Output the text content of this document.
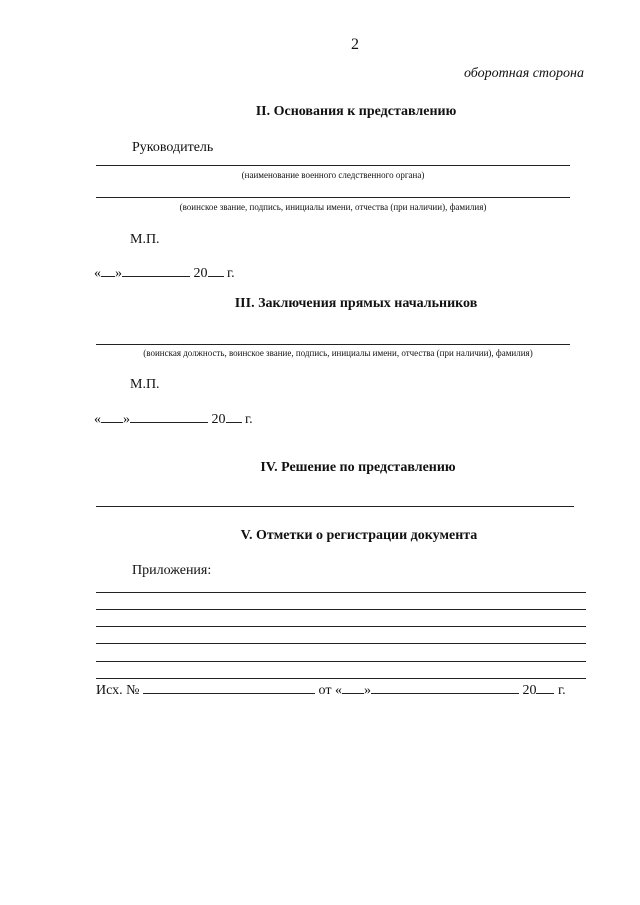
2
оборотная сторона
II. Основания к представлению
Руководитель
(наименование военного следственного органа)
(воинское звание, подпись, инициалы имени, отчества (при наличии), фамилия)
М.П.
« »	20 г.
III. Заключения прямых начальников
(воинская должность, воинское звание, подпись, инициалы имени, отчества (при наличии), фамилия)
М.П.
« »	20 г.
IV. Решение по представлению
V. Отметки о регистрации документа
Приложения:
Исх. №	от « »	20 г.
